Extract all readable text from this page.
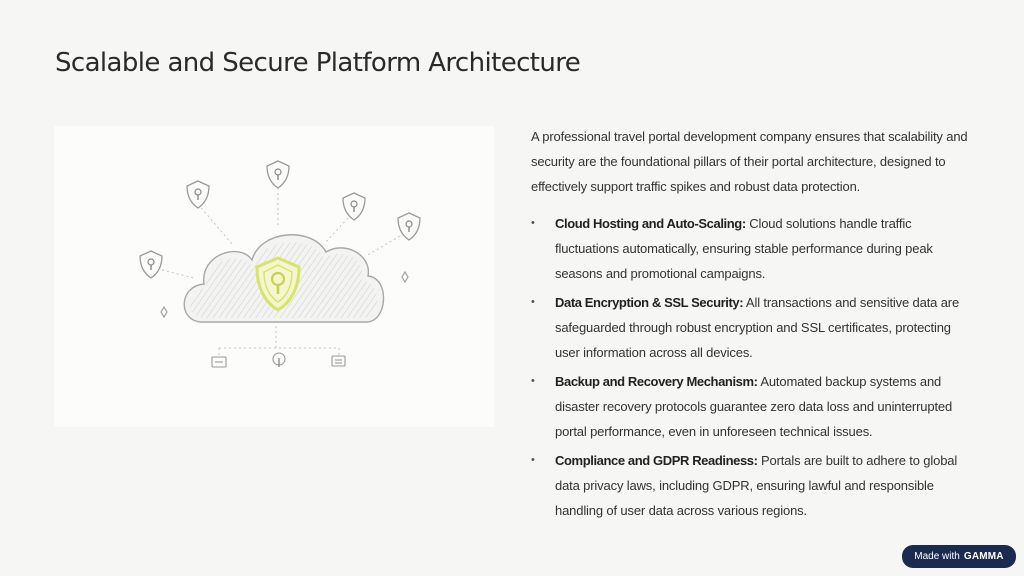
Scalable and Secure Platform Architecture

A professional travel portal development company ensures that scalability and security are the foundational pillars of their portal architecture, designed to effectively support traffic spikes and robust data protection.

•	Cloud Hosting and Auto-Scaling: Cloud solutions handle traffic fluctuations automatically, ensuring stable performance during peak seasons and promotional campaigns.
•	Data Encryption & SSL Security: All transactions and sensitive data are safeguarded through robust encryption and SSL certificates, protecting user information across all devices.
•	Backup and Recovery Mechanism: Automated backup systems and disaster recovery protocols guarantee zero data loss and uninterrupted portal performance, even in unforeseen technical issues.
•	Compliance and GDPR Readiness: Portals are built to adhere to global data privacy laws, including GDPR, ensuring lawful and responsible handling of user data across various regions.
Made with GAMMA
